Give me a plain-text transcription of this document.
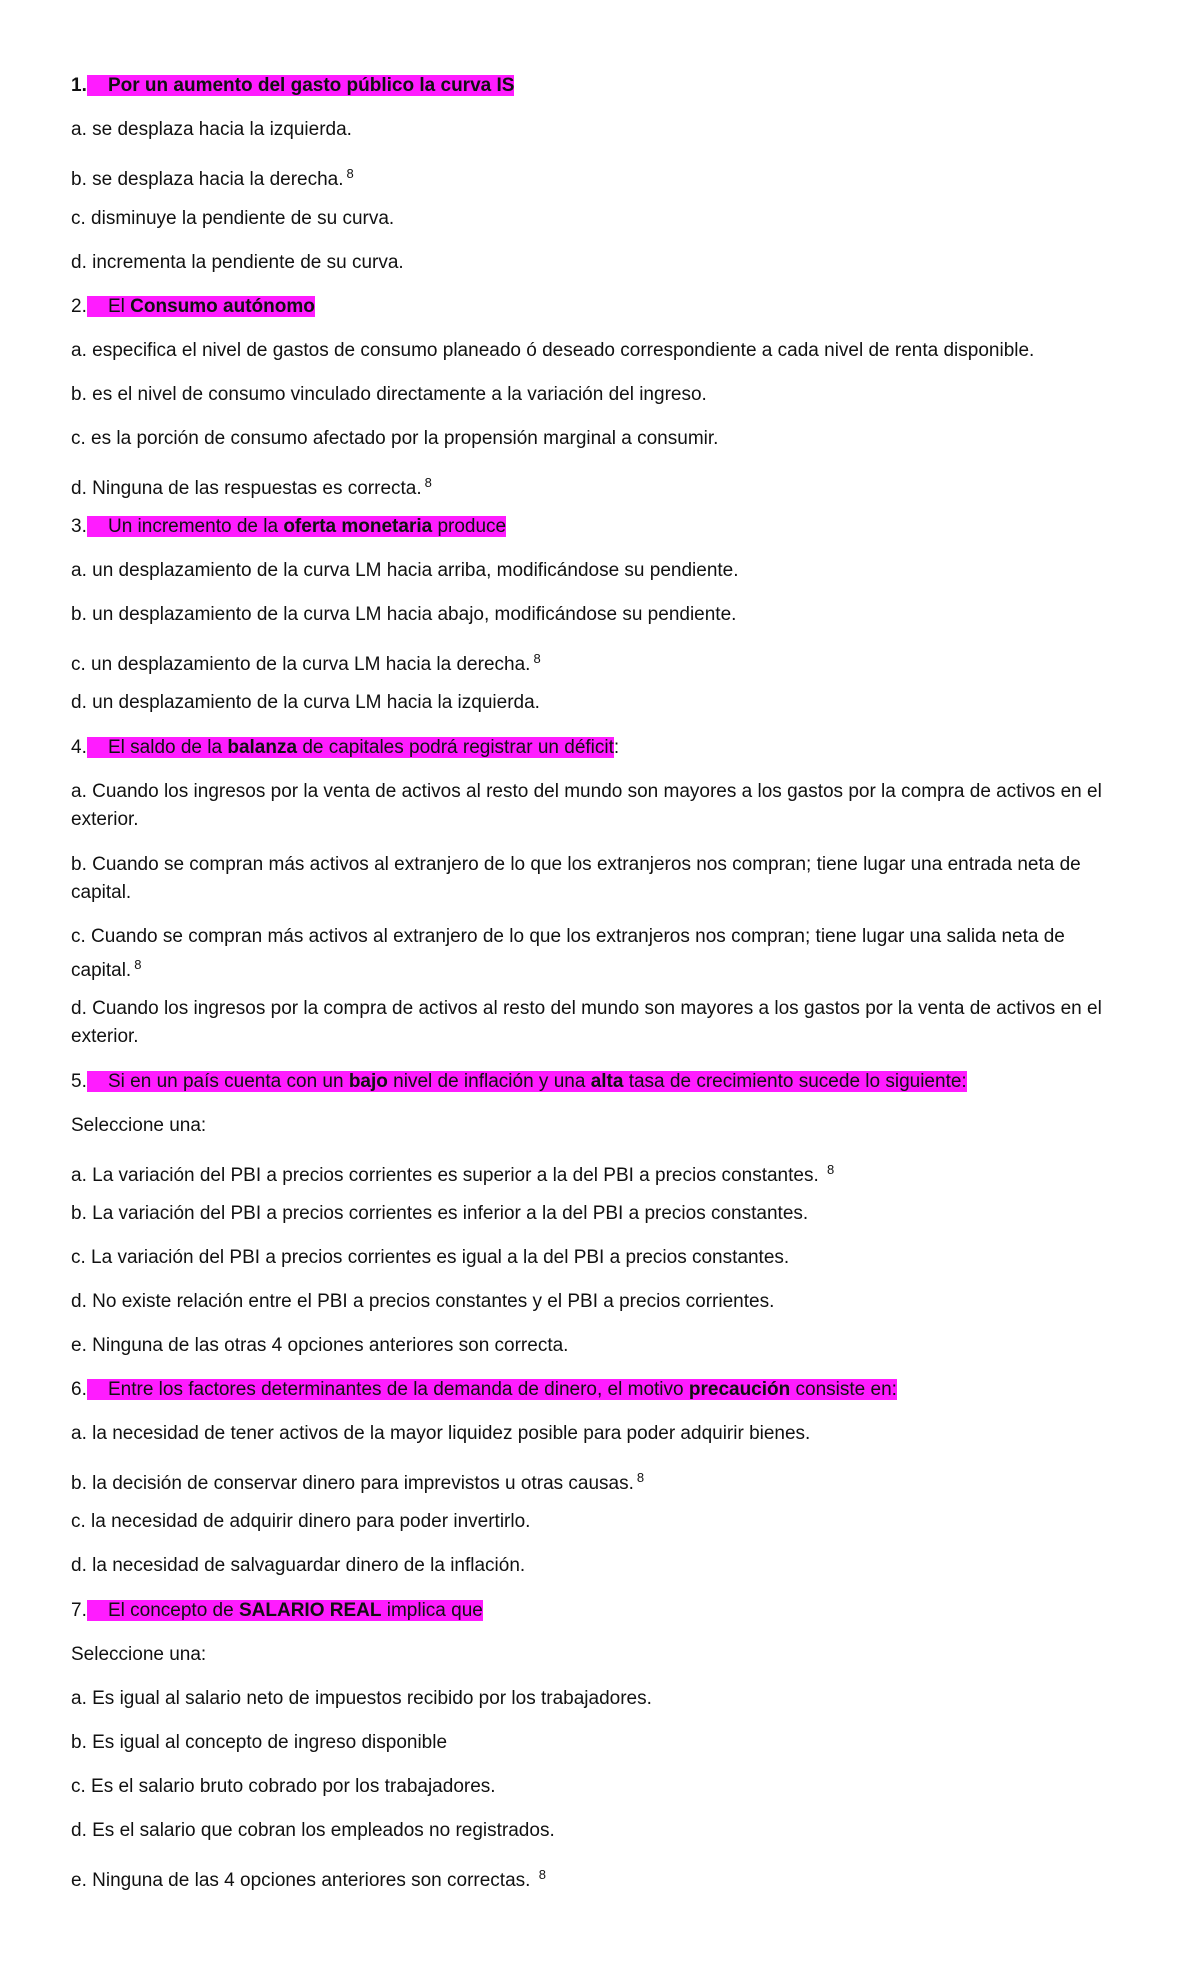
1. Por un aumento del gasto público la curva IS

a. se desplaza hacia la izquierda.

b. se desplaza hacia la derecha. $^8$

c. disminuye la pendiente de su curva.

d. incrementa la pendiente de su curva.

2. El Consumo autónomo

a. especifica el nivel de gastos de consumo planeado ó deseado correspondiente a cada nivel de renta disponible.

b. es el nivel de consumo vinculado directamente a la variación del ingreso.

c. es la porción de consumo afectado por la propensión marginal a consumir.

d. Ninguna de las respuestas es correcta. $^8$

3. Un incremento de la oferta monetaria produce

a. un desplazamiento de la curva LM hacia arriba, modificándose su pendiente.

b. un desplazamiento de la curva LM hacia abajo, modificándose su pendiente.

c. un desplazamiento de la curva LM hacia la derecha. $^8$

d. un desplazamiento de la curva LM hacia la izquierda.

4. El saldo de la balanza de capitales podrá registrar un déficit:

a. Cuando los ingresos por la venta de activos al resto del mundo son mayores a los gastos por la compra de activos en el exterior.

b. Cuando se compran más activos al extranjero de lo que los extranjeros nos compran; tiene lugar una entrada neta de capital.

c. Cuando se compran más activos al extranjero de lo que los extranjeros nos compran; tiene lugar una salida neta de capital. $^8$

d. Cuando los ingresos por la compra de activos al resto del mundo son mayores a los gastos por la venta de activos en el exterior.

5. Si en un país cuenta con un bajo nivel de inflación y una alta tasa de crecimiento sucede lo siguiente:

Seleccione una:

a. La variación del PBI a precios corrientes es superior a la del PBI a precios constantes. $^8$

b. La variación del PBI a precios corrientes es inferior a la del PBI a precios constantes.

c. La variación del PBI a precios corrientes es igual a la del PBI a precios constantes.

d. No existe relación entre el PBI a precios constantes y el PBI a precios corrientes.

e. Ninguna de las otras 4 opciones anteriores son correcta.

6. Entre los factores determinantes de la demanda de dinero, el motivo precaución consiste en:

a. la necesidad de tener activos de la mayor liquidez posible para poder adquirir bienes.

b. la decisión de conservar dinero para imprevistos u otras causas. $^8$

c. la necesidad de adquirir dinero para poder invertirlo.

d. la necesidad de salvaguardar dinero de la inflación.

7. El concepto de SALARIO REAL implica que

Seleccione una:

a. Es igual al salario neto de impuestos recibido por los trabajadores.

b. Es igual al concepto de ingreso disponible

c. Es el salario bruto cobrado por los trabajadores.

d. Es el salario que cobran los empleados no registrados.

e. Ninguna de las 4 opciones anteriores son correctas. $^8$
